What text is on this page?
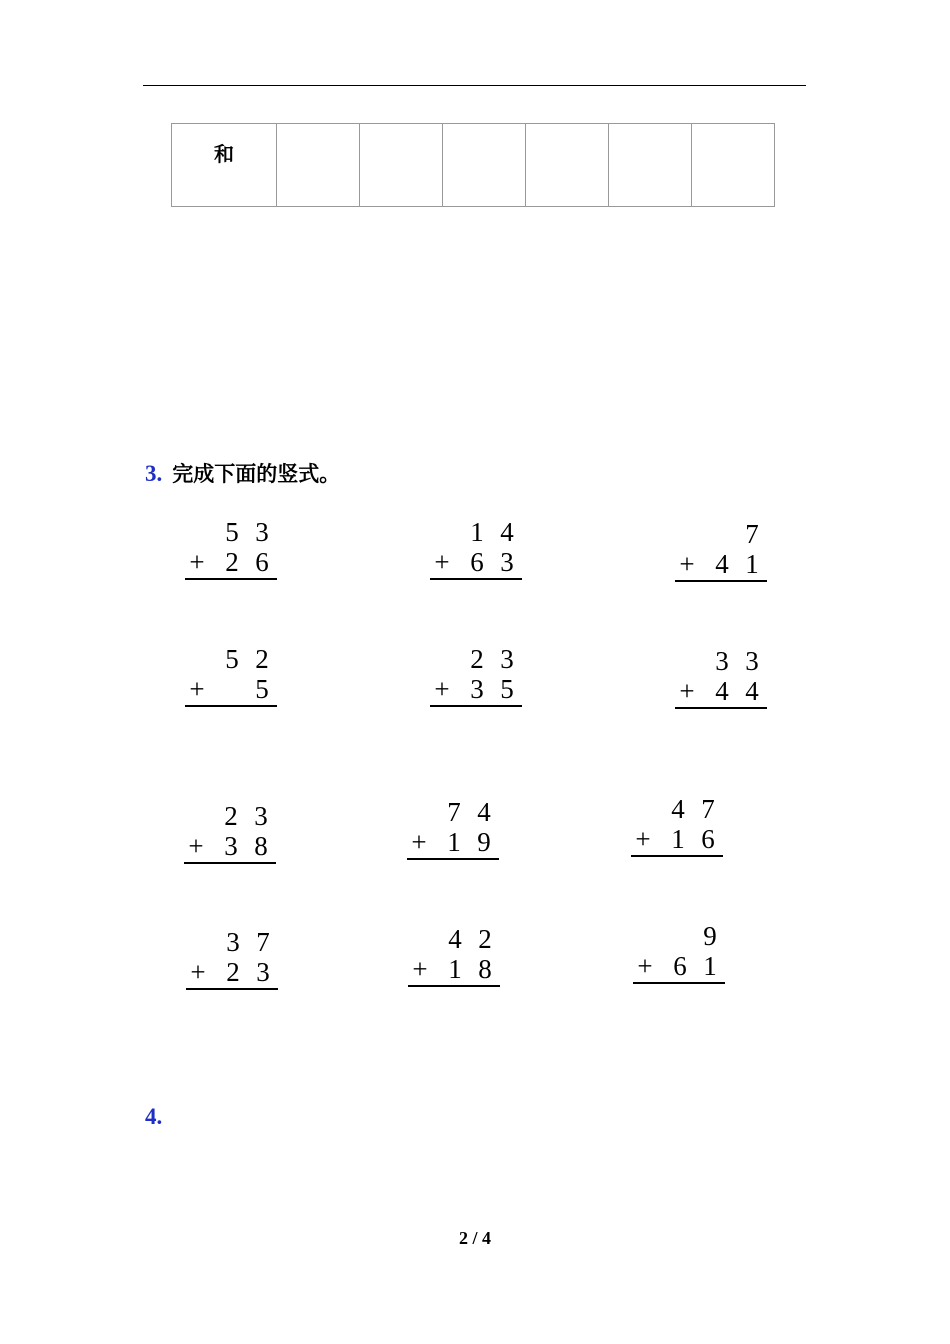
和						
3. 完成下面的竖式。
5 3
+ 2 6
1 4
+ 6 3
7
+ 4 1
5 2
+ 5
2 3
+ 3 5
3 3
+ 4 4
2 3
+ 3 8
7 4
+ 1 9
4 7
+ 1 6
3 7
+ 2 3
4 2
+ 1 8
9
+ 6 1
4.
2 / 4
